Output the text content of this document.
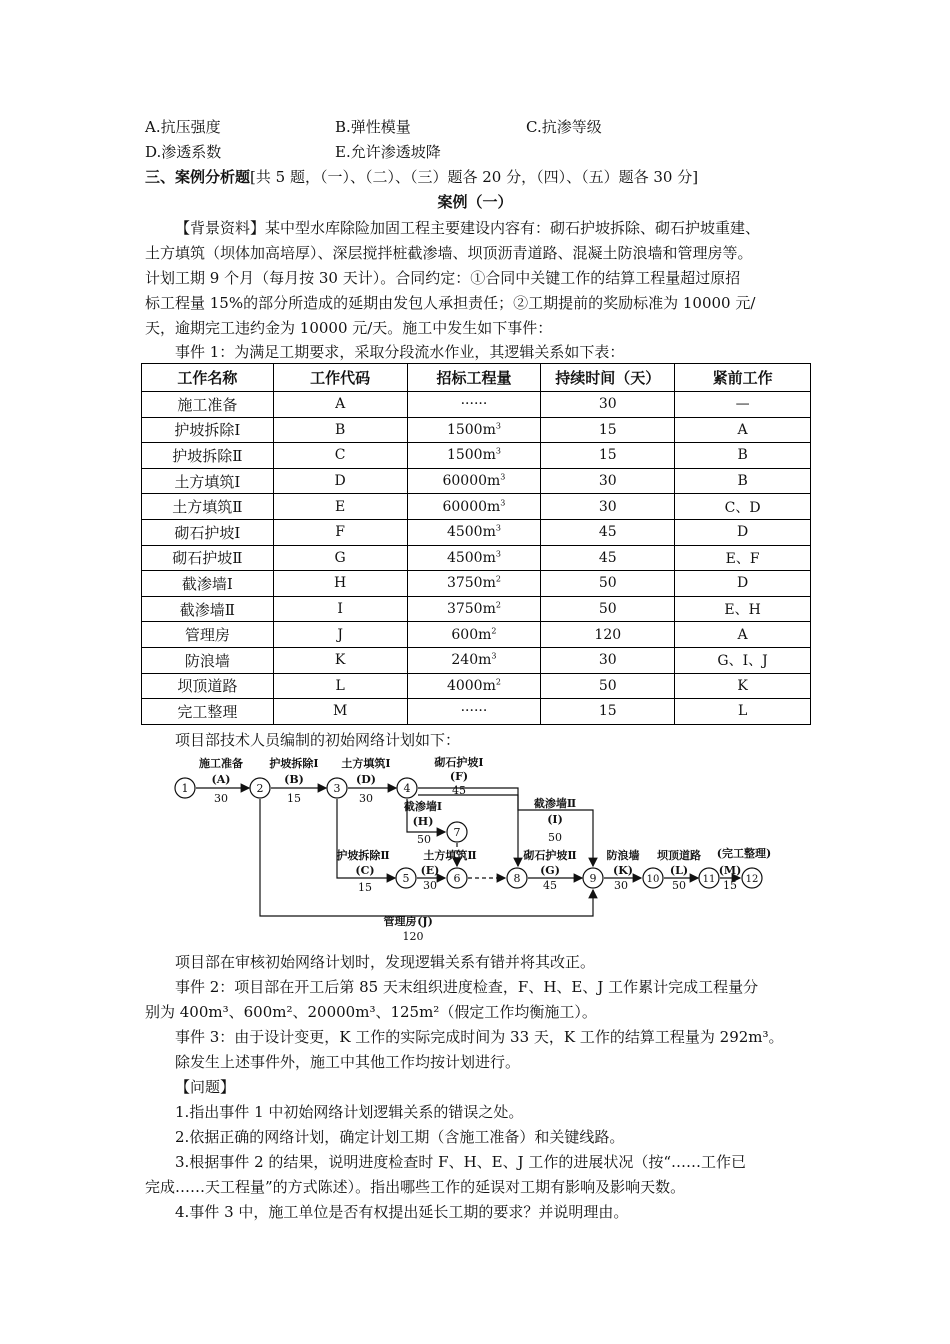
A.抗压强度	B.弹性模量	C.抗渗等级
D.渗透系数	E.允许渗透坡降
三、案例分析题[共 5 题，（一）、（二）、（三）题各 20 分，（四）、（五）题各 30 分]
案例（一）
【背景资料】某中型水库除险加固工程主要建设内容有：砌石护坡拆除、砌石护坡重建、
土方填筑（坝体加高培厚）、深层搅拌桩截渗墙、坝顶沥青道路、混凝土防浪墙和管理房等。
计划工期 9 个月（每月按 30 天计）。合同约定：①合同中关键工作的结算工程量超过原招
标工程量 15%的部分所造成的延期由发包人承担责任；②工期提前的奖励标准为 10000 元/
天，逾期完工违约金为 10000 元/天。施工中发生如下事件：
事件 1：为满足工期要求，采取分段流水作业，其逻辑关系如下表：
工作名称	工作代码	招标工程量	持续时间（天）	紧前工作
施工准备	A	······	30	—
护坡拆除Ⅰ	B	$1500m^3$	15	A
护坡拆除Ⅱ	C	$1500m^3$	15	B
土方填筑Ⅰ	D	$60000m^3$	30	B
土方填筑Ⅱ	E	$60000m^3$	30	C、D
砌石护坡Ⅰ	F	$4500m^3$	45	D
砌石护坡Ⅱ	G	$4500m^3$	45	E、F
截渗墙Ⅰ	H	$3750m^2$	50	D
截渗墙Ⅱ	I	$3750m^2$	50	E、H
管理房	J	$600m^2$	120	A
防浪墙	K	$240m^3$	30	G、I、J
坝顶道路	L	$4000m^2$	50	K
完工整理	M	······	15	L
项目部技术人员编制的初始网络计划如下：
1	2	3	4
5	6
7
8	9	10	11	12
施工准备
(A)
30
护坡拆除Ⅰ
(B)
15
土方填筑Ⅰ
(D)
30
砌石护坡Ⅰ
(F)
45
截渗墙Ⅰ
(H)
50
截渗墙Ⅱ
(I)
50
护坡拆除Ⅱ
(C)
15
土方填筑Ⅱ
(E)
30
砌石护坡Ⅱ
(G)
45
防浪墙
(K)
30
坝顶道路
(L)
50
(完工整理)
(M)
15
管理房 (J)
120
项目部在审核初始网络计划时，发现逻辑关系有错并将其改正。
事件 2：项目部在开工后第 85 天末组织进度检查，F、H、E、J 工作累计完成工程量分
别为 400m³、600m²、20000m³、125m²（假定工作均衡施工）。
事件 3：由于设计变更，K 工作的实际完成时间为 33 天，K 工作的结算工程量为 292m³。
除发生上述事件外，施工中其他工作均按计划进行。
【问题】
1.指出事件 1 中初始网络计划逻辑关系的错误之处。
2.依据正确的网络计划，确定计划工期（含施工准备）和关键线路。
3.根据事件 2 的结果，说明进度检查时 F、H、E、J 工作的进展状况（按“……工作已
完成……天工程量”的方式陈述）。指出哪些工作的延误对工期有影响及影响天数。
4.事件 3 中，施工单位是否有权提出延长工期的要求？并说明理由。
